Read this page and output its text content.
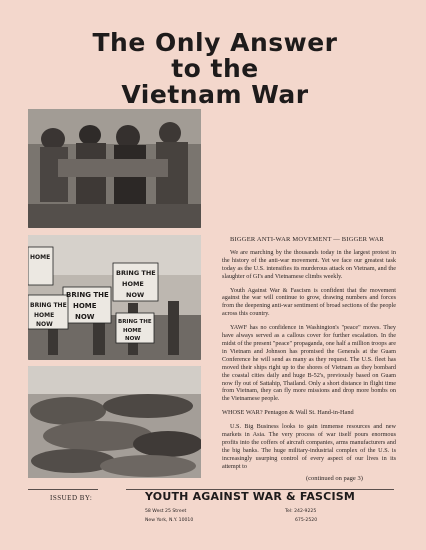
The Only Answer
to the
Vietnam War
HOME
BRING THE
HOME
NOW
BRING THE
HOME
NOW
BRING THE
HOME
NOW
BRING THE
HOME
NOW

BIGGER ANTI-WAR MOVEMENT — BIGGER WAR

We are marching by the thousands today in the largest protest in the history of the anti-war movement. Yet we face our greatest task today as the U.S. intensifies its murderous attack on Vietnam, and the slaughter of GI's and Vietnamese climbs weekly.

Youth Against War & Fascism is confident that the movement against the war will continue to grow, drawing numbers and forces from the deepening anti-war sentiment of broad sections of the people across this country.

YAWF has no confidence in Washington's "peace" moves. They have always served as a callous cover for further escalation. In the midst of the present "peace" propaganda, one half a million troops are in Vietnam and Johnson has promised the Generals at the Guam Conference he will send as many as they request. The U.S. fleet has moved their ships right up to the shores of Vietnam as they bombard the coastal cities daily and huge B-52's, previously based on Guam now fly out of Sattahip, Thailand. Only a short distance in flight time from Vietnam, they can fly more missions and drop more bombs on the Vietnamese people.

WHOSE WAR? Pentagon & Wall St. Hand-in-Hand

U.S. Big Business looks to gain immense resources and new markets in Asia. The very process of war itself pours enormous profits into the coffers of aircraft companies, arms manufacturers and the big banks. The huge military-industrial complex of the U.S. is increasingly usurping control of every aspect of our lives in its attempt to

(continued on page 3)

ISSUED BY:	YOUTH AGAINST WAR & FASCISM

58 West 25 Street
New York, N.Y. 10010

Tel: 242-9225
675-2520
